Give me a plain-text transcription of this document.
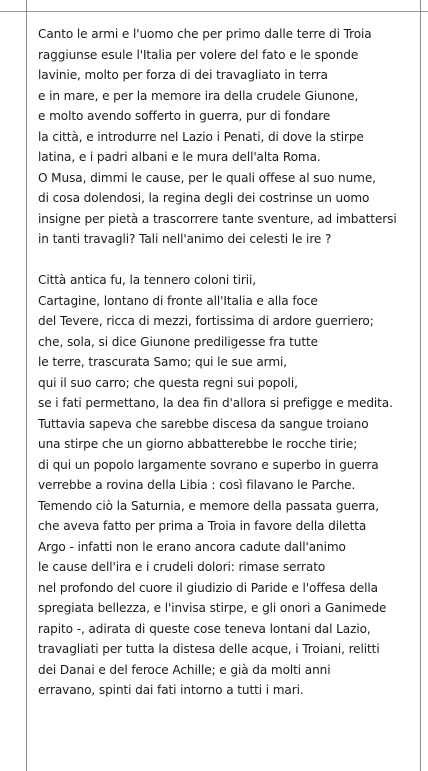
Canto le armi e l'uomo che per primo dalle terre di Troia
raggiunse esule l'Italia per volere del fato e le sponde
lavinie, molto per forza di dei travagliato in terra
e in mare, e per la memore ira della crudele Giunone,
e molto avendo sofferto in guerra, pur di fondare
la città, e introdurre nel Lazio i Penati, di dove la stirpe
latina, e i padri albani e le mura dell'alta Roma.
O Musa, dimmi le cause, per le quali offese al suo nume,
di cosa dolendosi, la regina degli dei costrinse un uomo
insigne per pietà a trascorrere tante sventure, ad imbattersi
in tanti travagli? Tali nell'animo dei celesti le ire ?
Città antica fu, la tennero coloni tirii,
Cartagine, lontano di fronte all'Italia e alla foce
del Tevere, ricca di mezzi, fortissima di ardore guerriero;
che, sola, si dice Giunone prediligesse fra tutte
le terre, trascurata Samo; qui le sue armi,
qui il suo carro; che questa regni sui popoli,
se i fati permettano, la dea fin d'allora si prefigge e medita.
Tuttavia sapeva che sarebbe discesa da sangue troiano
una stirpe che un giorno abbatterebbe le rocche tirie;
di qui un popolo largamente sovrano e superbo in guerra
verrebbe a rovina della Libia : così filavano le Parche.
Temendo ciò la Saturnia, e memore della passata guerra,
che aveva fatto per prima a Troia in favore della diletta
Argo - infatti non le erano ancora cadute dall'animo
le cause dell'ira e i crudeli dolori: rimase serrato
nel profondo del cuore il giudizio di Paride e l'offesa della
spregiata bellezza, e l'invisa stirpe, e gli onori a Ganimede
rapito -, adirata di queste cose teneva lontani dal Lazio,
travagliati per tutta la distesa delle acque, i Troiani, relitti
dei Danai e del feroce Achille; e già da molti anni
erravano, spinti dai fati intorno a tutti i mari.
